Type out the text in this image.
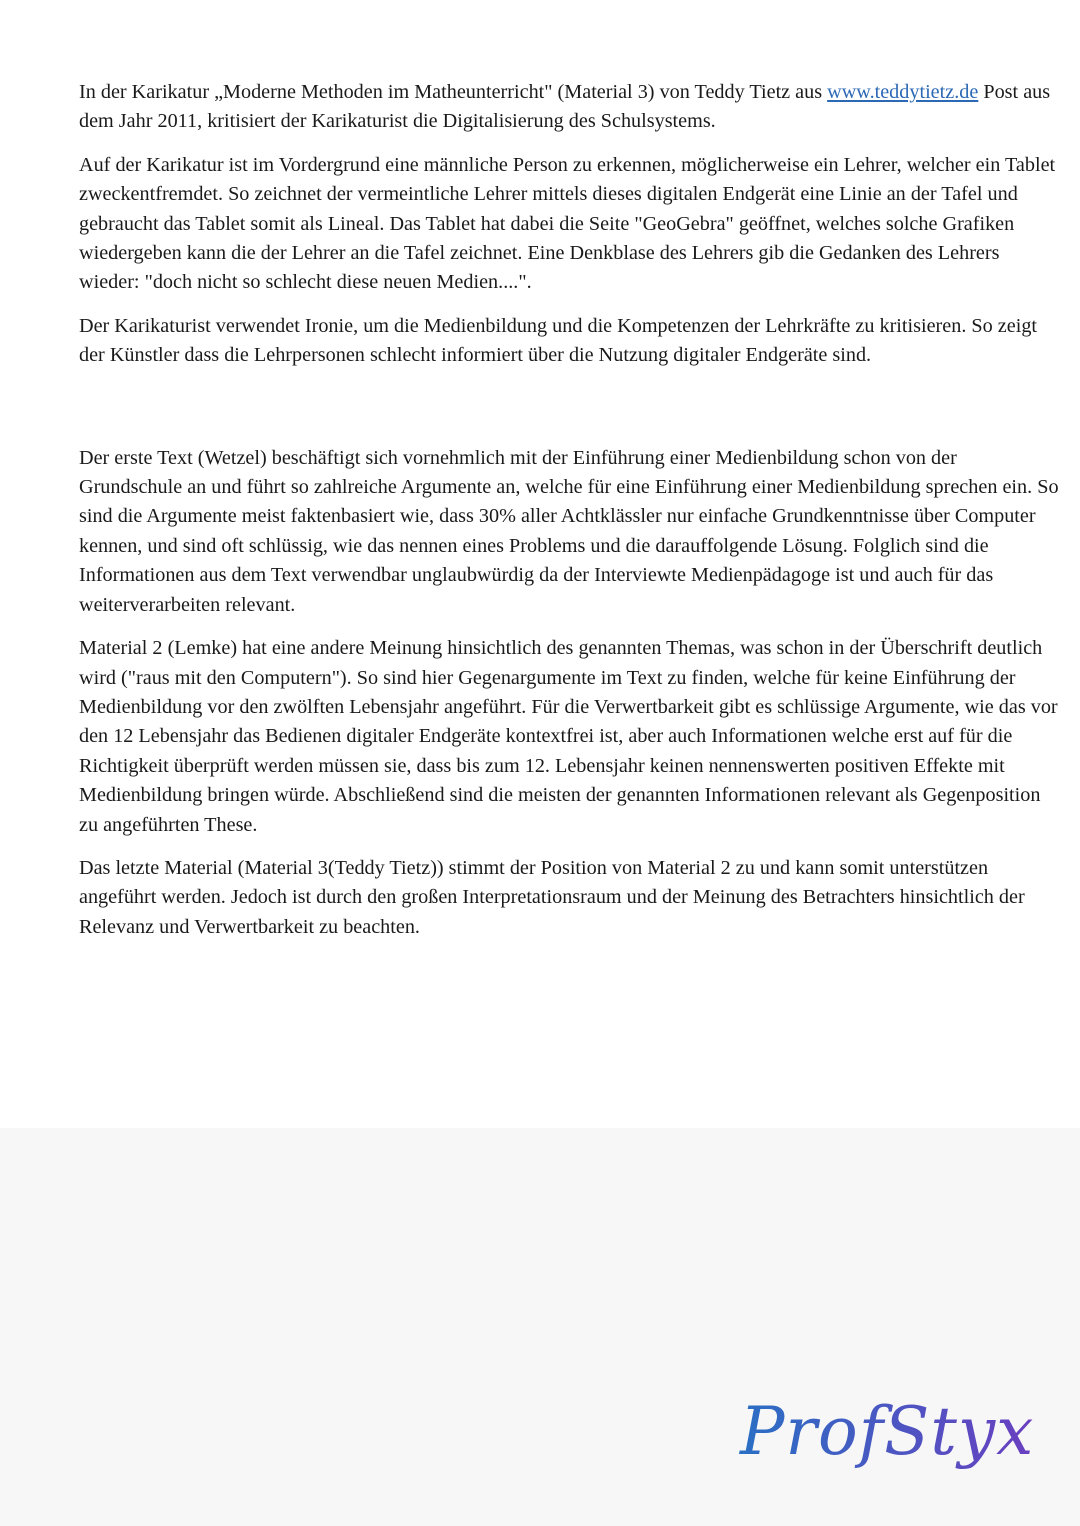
In der Karikatur „Moderne Methoden im Matheunterricht" (Material 3) von Teddy Tietz aus www.teddytietz.de Post aus dem Jahr 2011, kritisiert der Karikaturist die Digitalisierung des Schulsystems.

Auf der Karikatur ist im Vordergrund eine männliche Person zu erkennen, möglicherweise ein Lehrer, welcher ein Tablet zweckentfremdet. So zeichnet der vermeintliche Lehrer mittels dieses digitalen Endgerät eine Linie an der Tafel und gebraucht das Tablet somit als Lineal. Das Tablet hat dabei die Seite "GeoGebra" geöffnet, welches solche Grafiken wiedergeben kann die der Lehrer an die Tafel zeichnet. Eine Denkblase des Lehrers gib die Gedanken des Lehrers wieder: "doch nicht so schlecht diese neuen Medien....".

Der Karikaturist verwendet Ironie, um die Medienbildung und die Kompetenzen der Lehrkräfte zu kritisieren. So zeigt der Künstler dass die Lehrpersonen schlecht informiert über die Nutzung digitaler Endgeräte sind.

Der erste Text (Wetzel) beschäftigt sich vornehmlich mit der Einführung einer Medienbildung schon von der Grundschule an und führt so zahlreiche Argumente an, welche für eine Einführung einer Medienbildung sprechen ein. So sind die Argumente meist faktenbasiert wie, dass 30% aller Achtklässler nur einfache Grundkenntnisse über Computer kennen, und sind oft schlüssig, wie das nennen eines Problems und die darauffolgende Lösung. Folglich sind die Informationen aus dem Text verwendbar unglaubwürdig da der Interviewte Medienpädagoge ist und auch für das weiterverarbeiten relevant.

Material 2 (Lemke) hat eine andere Meinung hinsichtlich des genannten Themas, was schon in der Überschrift deutlich wird ("raus mit den Computern"). So sind hier Gegenargumente im Text zu finden, welche für keine Einführung der Medienbildung vor den zwölften Lebensjahr angeführt. Für die Verwertbarkeit gibt es schlüssige Argumente, wie das vor den 12 Lebensjahr das Bedienen digitaler Endgeräte kontextfrei ist, aber auch Informationen welche erst auf für die Richtigkeit überprüft werden müssen sie, dass bis zum 12. Lebensjahr keinen nennenswerten positiven Effekte mit Medienbildung bringen würde. Abschließend sind die meisten der genannten Informationen relevant als Gegenposition zu angeführten These.

Das letzte Material (Material 3(Teddy Tietz)) stimmt der Position von Material 2 zu und kann somit unterstützen angeführt werden. Jedoch ist durch den großen Interpretationsraum und der Meinung des Betrachters hinsichtlich der Relevanz und Verwertbarkeit zu beachten.

ProfStyx
